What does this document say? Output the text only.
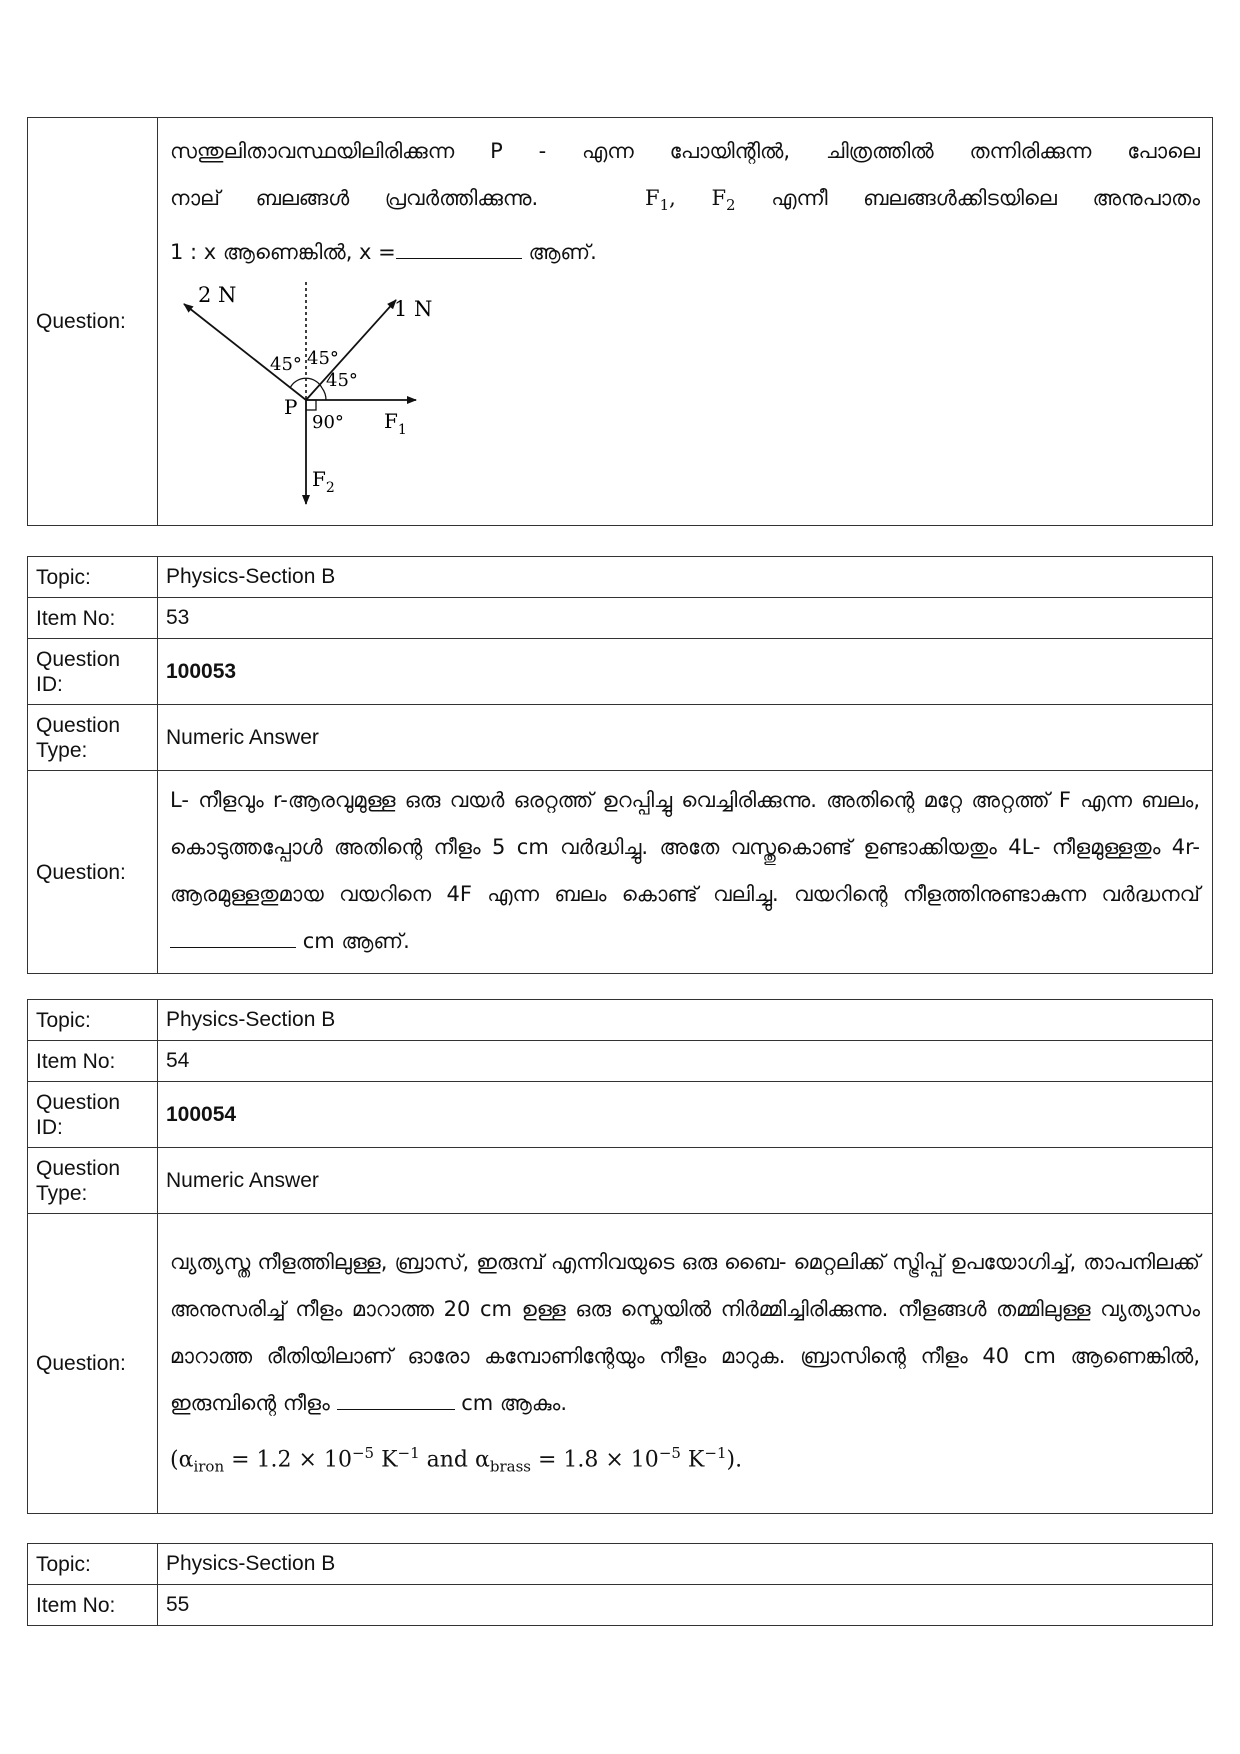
Question:	
സന്തുലിതാവസ്ഥയിലിരിക്കുന്ന P - എന്ന പോയിന്റിൽ, ചിത്രത്തിൽ തന്നിരിക്കുന്ന പോലെ
നാല് ബലങ്ങൾ പ്രവർത്തിക്കുന്നു.	$F_1$, $F_2$ എന്നീ ബലങ്ങൾക്കിടയിലെ അനുപാതം
1 : x ആണെങ്കിൽ, x =	ആണ്.
2 N
1 N
45° 45°
45°
90°
P
$F_1$
$F_2$
Topic:	Physics-Section B
Item No:	53
Question ID:	100053
Question Type:	Numeric Answer
Question:	L- നീളവും r-ആരവുമുള്ള ഒരു വയർ ഒരറ്റത്ത് ഉറപ്പിച്ചു വെച്ചിരിക്കുന്നു. അതിന്റെ മറ്റേ അറ്റത്ത് F എന്ന ബലം, കൊടുത്തപ്പോൾ അതിന്റെ നീളം 5 cm വർദ്ധിച്ചു. അതേ വസ്തുകൊണ്ട് ഉണ്ടാക്കിയതും 4L- നീളമുള്ളതും 4r- ആരമുള്ളതുമായ വയറിനെ 4F എന്ന ബലം കൊണ്ട് വലിച്ചു. വയറിന്റെ നീളത്തിനുണ്ടാകുന്ന വർദ്ധനവ്  cm ആണ്.
Topic:	Physics-Section B
Item No:	54
Question ID:	100054
Question Type:	Numeric Answer
Question:	വ്യത്യസ്ത നീളത്തിലുള്ള, ബ്രാസ്, ഇരുമ്പ് എന്നിവയുടെ ഒരു ബൈ- മെറ്റലിക്ക് സ്ട്രിപ്പ് ഉപയോഗിച്ച്, താപനിലക്ക് അനുസരിച്ച് നീളം മാറാത്ത 20 cm ഉള്ള ഒരു സ്കെയിൽ നിർമ്മിച്ചിരിക്കുന്നു. നീളങ്ങൾ തമ്മിലുള്ള വ്യത്യാസം മാറാത്ത രീതിയിലാണ് ഓരോ കമ്പോണിന്റേയും നീളം മാറുക. ബ്രാസിന്റെ നീളം 40 cm ആണെങ്കിൽ, ഇരുമ്പിന്റെ നീളം cm ആകും.
($\alpha_{iron} = 1.2 \times 10^{-5}$ $K^{-1}$ and $\alpha_{brass} = 1.8 \times 10^{-5}$ $K^{-1}$).
Topic:	Physics-Section B
Item No:	55
